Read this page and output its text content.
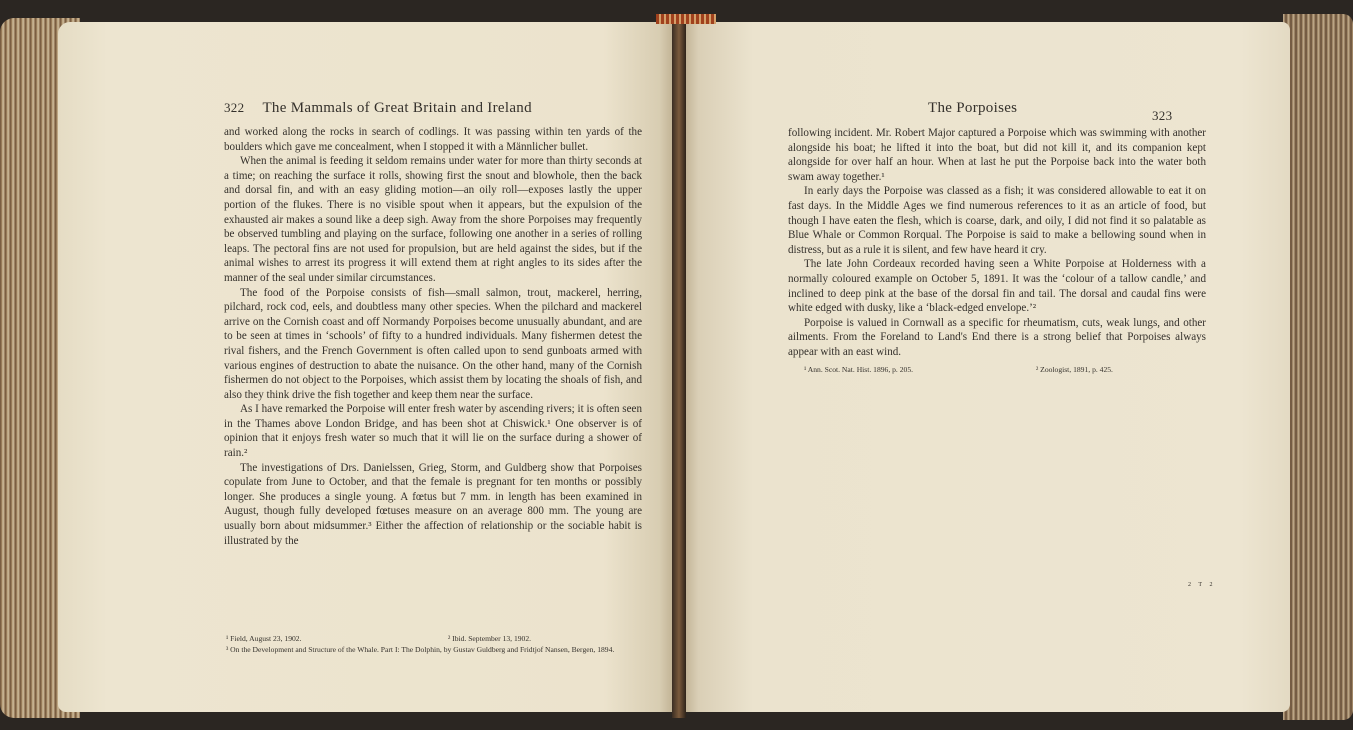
322 The Mammals of Great Britain and Ireland

and worked along the rocks in search of codlings. It was passing within ten yards of the boulders which gave me concealment, when I stopped it with a Männlicher bullet.

When the animal is feeding it seldom remains under water for more than thirty seconds at a time; on reaching the surface it rolls, showing first the snout and blowhole, then the back and dorsal fin, and with an easy gliding motion—an oily roll—exposes lastly the upper portion of the flukes. There is no visible spout when it appears, but the expulsion of the exhausted air makes a sound like a deep sigh. Away from the shore Porpoises may frequently be observed tumbling and playing on the surface, following one another in a series of rolling leaps. The pectoral fins are not used for propulsion, but are held against the sides, but if the animal wishes to arrest its progress it will extend them at right angles to its sides after the manner of the seal under similar circumstances.

The food of the Porpoise consists of fish—small salmon, trout, mackerel, herring, pilchard, rock cod, eels, and doubtless many other species. When the pilchard and mackerel arrive on the Cornish coast and off Normandy Porpoises become unusually abundant, and are to be seen at times in ‘schools’ of fifty to a hundred individuals. Many fishermen detest the rival fishers, and the French Government is often called upon to send gunboats armed with various engines of destruction to abate the nuisance. On the other hand, many of the Cornish fishermen do not object to the Porpoises, which assist them by locating the shoals of fish, and also they think drive the fish together and keep them near the surface.

As I have remarked the Porpoise will enter fresh water by ascending rivers; it is often seen in the Thames above London Bridge, and has been shot at Chiswick.¹ One observer is of opinion that it enjoys fresh water so much that it will lie on the surface during a shower of rain.²

The investigations of Drs. Danielssen, Grieg, Storm, and Guldberg show that Porpoises copulate from June to October, and that the female is pregnant for ten months or possibly longer. She produces a single young. A fœtus but 7 mm. in length has been examined in August, though fully developed fœtuses measure on an average 800 mm. The young are usually born about midsummer.³ Either the affection of relationship or the sociable habit is illustrated by the

¹ Field, August 23, 1902.	² Ibid. September 13, 1902.
³ On the Development and Structure of the Whale. Part I: The Dolphin, by Gustav Guldberg and Fridtjof Nansen, Bergen, 1894.
The Porpoises	323

following incident. Mr. Robert Major captured a Porpoise which was swimming with another alongside his boat; he lifted it into the boat, but did not kill it, and its companion kept alongside for over half an hour. When at last he put the Porpoise back into the water both swam away together.¹

In early days the Porpoise was classed as a fish; it was considered allowable to eat it on fast days. In the Middle Ages we find numerous references to it as an article of food, but though I have eaten the flesh, which is coarse, dark, and oily, I did not find it so palatable as Blue Whale or Common Rorqual. The Porpoise is said to make a bellowing sound when in distress, but as a rule it is silent, and few have heard it cry.

The late John Cordeaux recorded having seen a White Porpoise at Holderness with a normally coloured example on October 5, 1891. It was the ‘colour of a tallow candle,’ and inclined to deep pink at the base of the dorsal fin and tail. The dorsal and caudal fins were white edged with dusky, like a ‘black-edged envelope.’²

Porpoise is valued in Cornwall as a specific for rheumatism, cuts, weak lungs, and other ailments. From the Foreland to Land's End there is a strong belief that Porpoises always appear with an east wind.

¹ Ann. Scot. Nat. Hist. 1896, p. 205.	² Zoologist, 1891, p. 425.
2 T 2
